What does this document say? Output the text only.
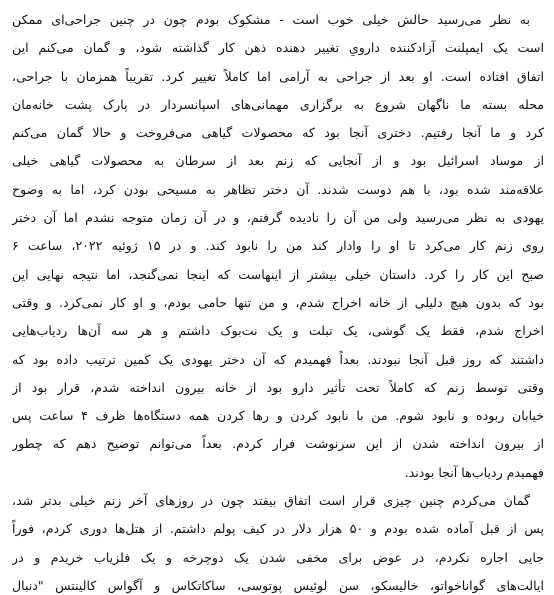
به نظر می‌رسید حالش خیلی خوب است - مشکوک بودم چون در چنین جراحی‌ای ممکن
است یک ایمپلنت آزادکننده دارویِ تغییر دهنده ذهن کار گذاشته شود، و گمان می‌کنم این
اتفاق افتاده است. او بعد از جراحی به آرامی اما کاملاً تغییر کرد. تقریباً همزمان با جراحی،
محله بسته ما ناگهان شروع به برگزاری مهمانی‌های اسپانسردار در پارک پشت خانه‌مان
کرد و ما آنجا رفتیم. دختری آنجا بود که محصولات گیاهی می‌فروخت و حالا گمان می‌کنم
از موساد اسرائیل بود و از آنجایی که زنم بعد از سرطان به محصولات گیاهی خیلی
علاقه‌مند شده بود، با هم دوست شدند. آن دختر تظاهر به مسیحی بودن کرد، اما به وضوح
یهودی به نظر می‌رسید ولی من آن را نادیده گرفتم، و در آن زمان متوجه نشدم اما آن دختر
روی زنم کار می‌کرد تا او را وادار کند من را نابود کند. و در ۱۵ ژوئیه ۲۰۲۲، ساعت ۶
صبح این کار را کرد. داستان خیلی بیشتر از اینهاست که اینجا نمی‌گنجد، اما نتیجه نهایی این
بود که بدون هیچ دلیلی از خانه اخراج شدم، و من تنها حامی بودم، و او کار نمی‌کرد. و وقتی
اخراج شدم، فقط یک گوشی، یک تبلت و یک نت‌بوک داشتم و هر سه آن‌ها ردیاب‌هایی
داشتند که روز قبل آنجا نبودند. بعداً فهمیدم که آن دختر یهودی یک کمین ترتیب داده بود که
وقتی توسط زنم که کاملاً تحت تأثیر دارو بود از خانه بیرون انداخته شدم، قرار بود از
خیابان ربوده و نابود شوم. من با نابود کردن و رها کردن همه دستگاه‌ها ظرف ۴ ساعت پس
از بیرون انداخته شدن از این سرنوشت فرار کردم. بعداً می‌توانم توضیح دهم که چطور
فهمیدم ردیاب‌ها آنجا بودند.
گمان می‌کردم چنین چیزی قرار است اتفاق بیفتد چون در روزهای آخر زنم خیلی بدتر شد،
پس از قبل آماده شده بودم و ۵۰ هزار دلار در کیف پولم داشتم. از هتل‌ها دوری کردم، فوراً
جایی اجاره نکردم، در عوض برای مخفی شدن یک دوچرخه و یک فلزیاب خریدم و در
ایالت‌های گواناخواتو، خالیسکو، سن لوئیس پوتوسی، ساکاتکاس و آگواس کالینتس "دنبال
